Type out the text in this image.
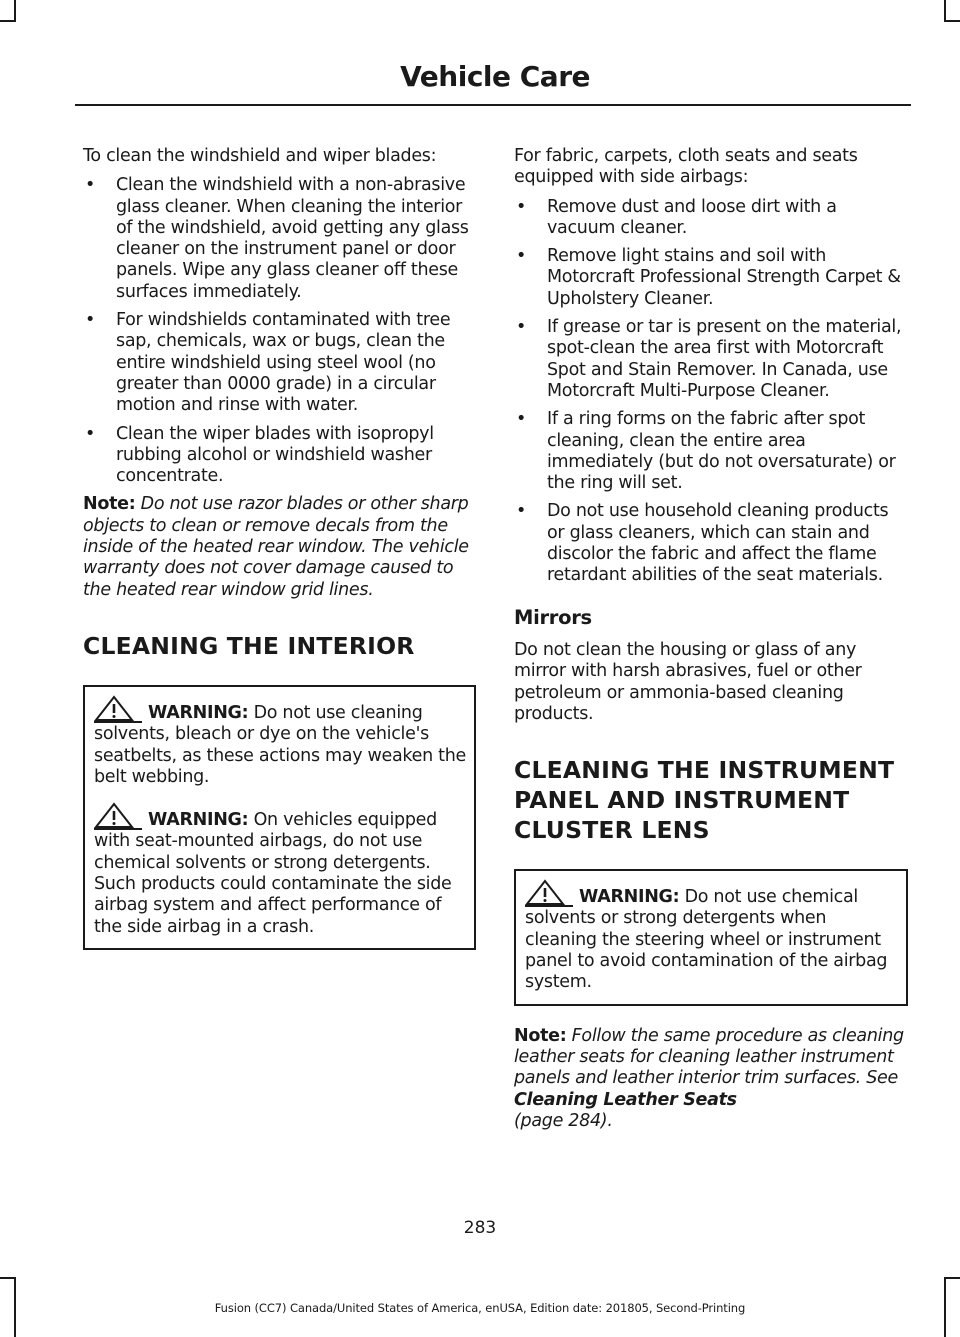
Vehicle Care

To clean the windshield and wiper blades:

• Clean the windshield with a non-abrasive glass cleaner. When cleaning the interior of the windshield, avoid getting any glass cleaner on the instrument panel or door panels. Wipe any glass cleaner off these surfaces immediately.
• For windshields contaminated with tree sap, chemicals, wax or bugs, clean the entire windshield using steel wool (no greater than 0000 grade) in a circular motion and rinse with water.
• Clean the wiper blades with isopropyl rubbing alcohol or windshield washer concentrate.

Note: Do not use razor blades or other sharp objects to clean or remove decals from the inside of the heated rear window. The vehicle warranty does not cover damage caused to the heated rear window grid lines.

CLEANING THE INTERIOR

WARNING: Do not use cleaning solvents, bleach or dye on the vehicle's seatbelts, as these actions may weaken the belt webbing.

WARNING: On vehicles equipped with seat-mounted airbags, do not use chemical solvents or strong detergents. Such products could contaminate the side airbag system and affect performance of the side airbag in a crash.

For fabric, carpets, cloth seats and seats equipped with side airbags:

• Remove dust and loose dirt with a vacuum cleaner.
• Remove light stains and soil with Motorcraft Professional Strength Carpet & Upholstery Cleaner.
• If grease or tar is present on the material, spot-clean the area first with Motorcraft Spot and Stain Remover. In Canada, use Motorcraft Multi-Purpose Cleaner.
• If a ring forms on the fabric after spot cleaning, clean the entire area immediately (but do not oversaturate) or the ring will set.
• Do not use household cleaning products or glass cleaners, which can stain and discolor the fabric and affect the flame retardant abilities of the seat materials.
Mirrors

Do not clean the housing or glass of any mirror with harsh abrasives, fuel or other petroleum or ammonia-based cleaning products.

CLEANING THE INSTRUMENT
PANEL AND INSTRUMENT
CLUSTER LENS

WARNING: Do not use chemical solvents or strong detergents when cleaning the steering wheel or instrument panel to avoid contamination of the airbag system.

Note: Follow the same procedure as cleaning leather seats for cleaning leather instrument panels and leather interior trim surfaces. See Cleaning Leather Seats
(page 284).

283
Fusion (CC7) Canada/United States of America, enUSA, Edition date: 201805, Second-Printing
